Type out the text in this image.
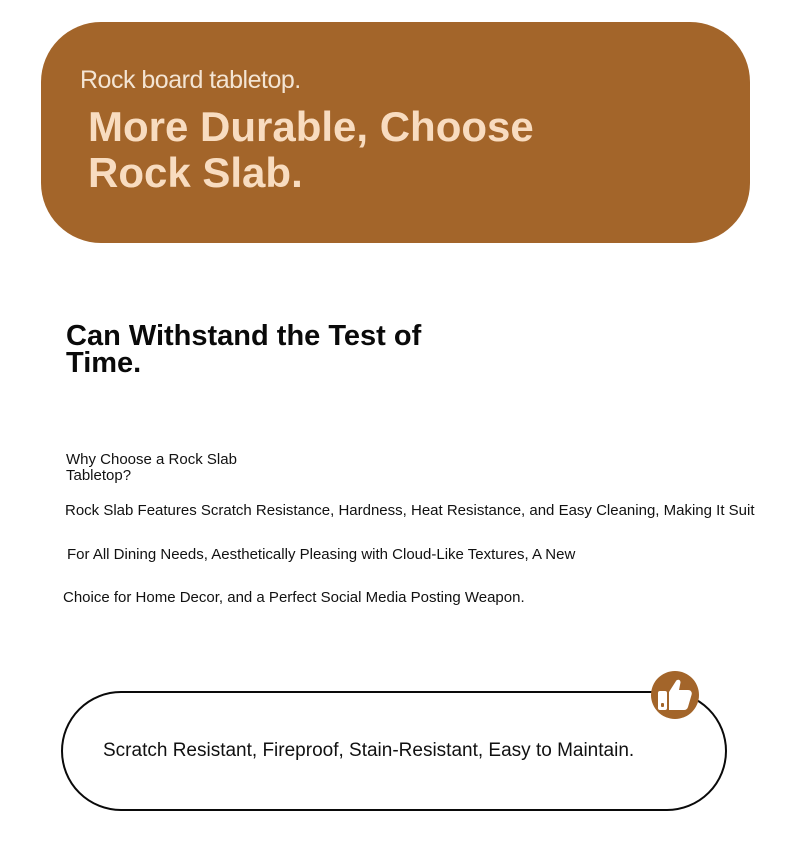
Rock board tabletop.
More Durable, Choose Rock Slab.
Can Withstand the Test of Time.
Why Choose a Rock Slab Tabletop?
Rock Slab Features Scratch Resistance, Hardness, Heat Resistance, and Easy Cleaning, Making It Suit
For All Dining Needs, Aesthetically Pleasing with Cloud-Like Textures, A New
Choice for Home Decor, and a Perfect Social Media Posting Weapon.
Scratch Resistant, Fireproof, Stain-Resistant, Easy to Maintain.
